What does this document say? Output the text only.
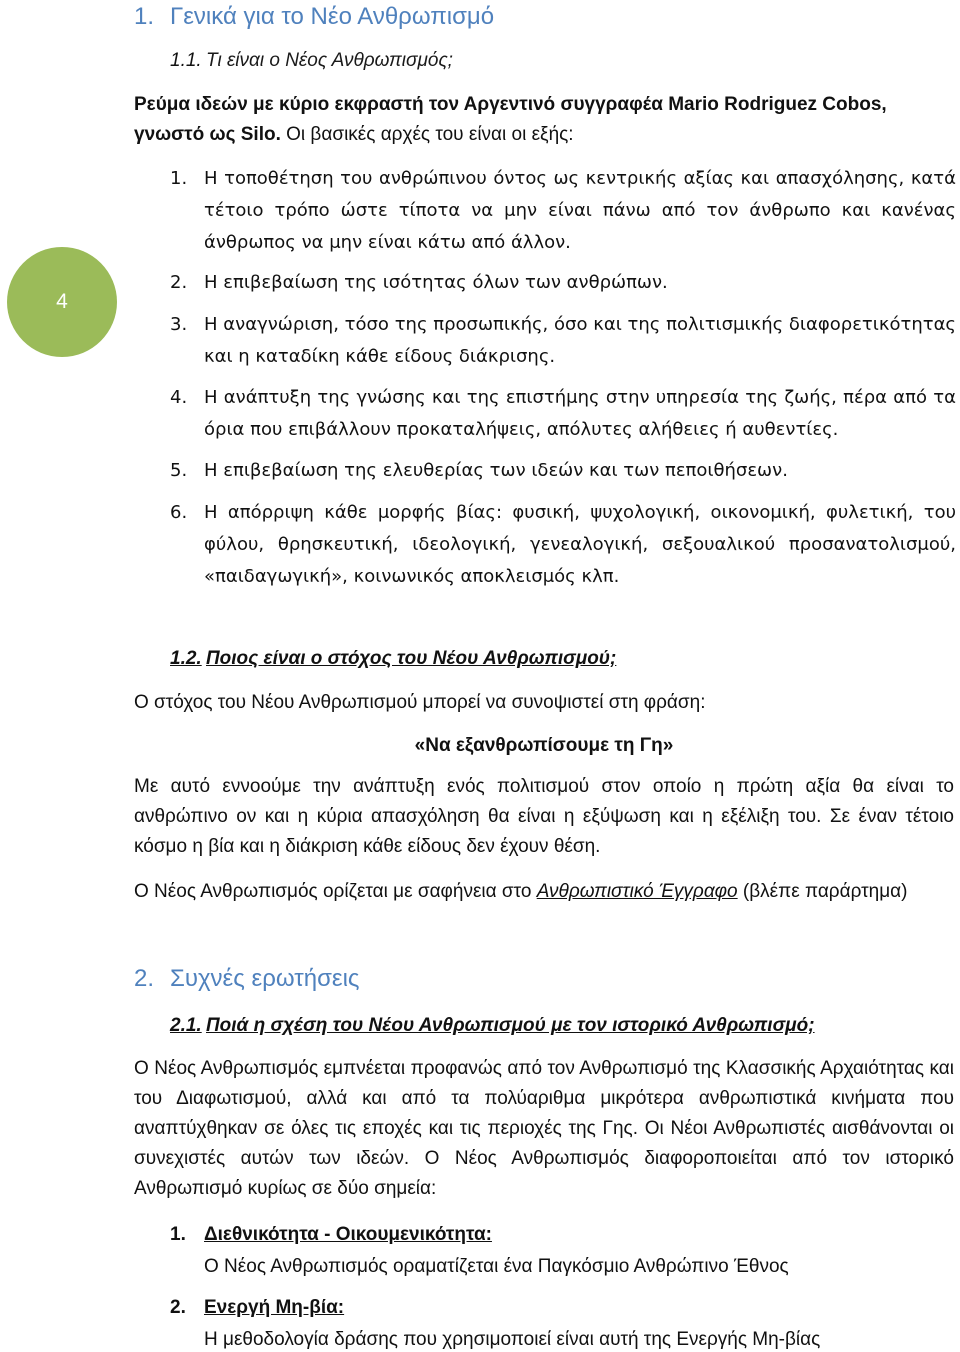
4
1. Γενικά για το Νέο Ανθρωπισμό
1.1. Τι είναι ο Νέος Ανθρωπισμός;
Ρεύμα ιδεών με κύριο εκφραστή τον Αργεντινό συγγραφέα Mario Rodriguez Cobos,
γνωστό ως Silo. Οι βασικές αρχές του είναι οι εξής:
1. Η τοποθέτηση του ανθρώπινου όντος ως κεντρικής αξίας και απασχόλησης, κατά τέτοιο τρόπο ώστε τίποτα να μην είναι πάνω από τον άνθρωπο και κανένας άνθρωπος να μην είναι κάτω από άλλον.
2. Η επιβεβαίωση της ισότητας όλων των ανθρώπων.
3. Η αναγνώριση, τόσο της προσωπικής, όσο και της πολιτισμικής διαφορετικότητας και η καταδίκη κάθε είδους διάκρισης.
4. Η ανάπτυξη της γνώσης και της επιστήμης στην υπηρεσία της ζωής, πέρα από τα όρια που επιβάλλουν προκαταλήψεις, απόλυτες αλήθειες ή αυθεντίες.
5. Η επιβεβαίωση της ελευθερίας των ιδεών και των πεποιθήσεων.
6. Η απόρριψη κάθε μορφής βίας: φυσική, ψυχολογική, οικονομική, φυλετική, του φύλου, θρησκευτική, ιδεολογική, γενεαλογική, σεξουαλικού προσανατολισμού, «παιδαγωγική», κοινωνικός αποκλεισμός κλπ.
1.2. Ποιος είναι ο στόχος του Νέου Ανθρωπισμού;
Ο στόχος του Νέου Ανθρωπισμού μπορεί να συνοψιστεί στη φράση:
«Να εξανθρωπίσουμε τη Γη»
Με αυτό εννοούμε την ανάπτυξη ενός πολιτισμού στον οποίο η πρώτη αξία θα είναι το ανθρώπινο ον και η κύρια απασχόληση θα είναι η εξύψωση και η εξέλιξη του. Σε έναν τέτοιο κόσμο η βία και η διάκριση κάθε είδους δεν έχουν θέση.
Ο Νέος Ανθρωπισμός ορίζεται με σαφήνεια στο Ανθρωπιστικό Έγγραφο (βλέπε παράρτημα)
2. Συχνές ερωτήσεις
2.1. Ποιά η σχέση του Νέου Ανθρωπισμού με τον ιστορικό Ανθρωπισμό;
Ο Νέος Ανθρωπισμός εμπνέεται προφανώς από τον Ανθρωπισμό της Κλασσικής Αρχαιότητας και του Διαφωτισμού, αλλά και από τα πολύαριθμα μικρότερα ανθρωπιστικά κινήματα που αναπτύχθηκαν σε όλες τις εποχές και τις περιοχές της Γης. Οι Νέοι Ανθρωπιστές αισθάνονται οι συνεχιστές αυτών των ιδεών. Ο Νέος Ανθρωπισμός διαφοροποιείται από τον ιστορικό Ανθρωπισμό κυρίως σε δύο σημεία:
1. Διεθνικότητα - Οικουμενικότητα:
Ο Νέος Ανθρωπισμός οραματίζεται ένα Παγκόσμιο Ανθρώπινο Έθνος
2. Ενεργή Μη-βία:
Η μεθοδολογία δράσης που χρησιμοποιεί είναι αυτή της Ενεργής Μη-βίας
